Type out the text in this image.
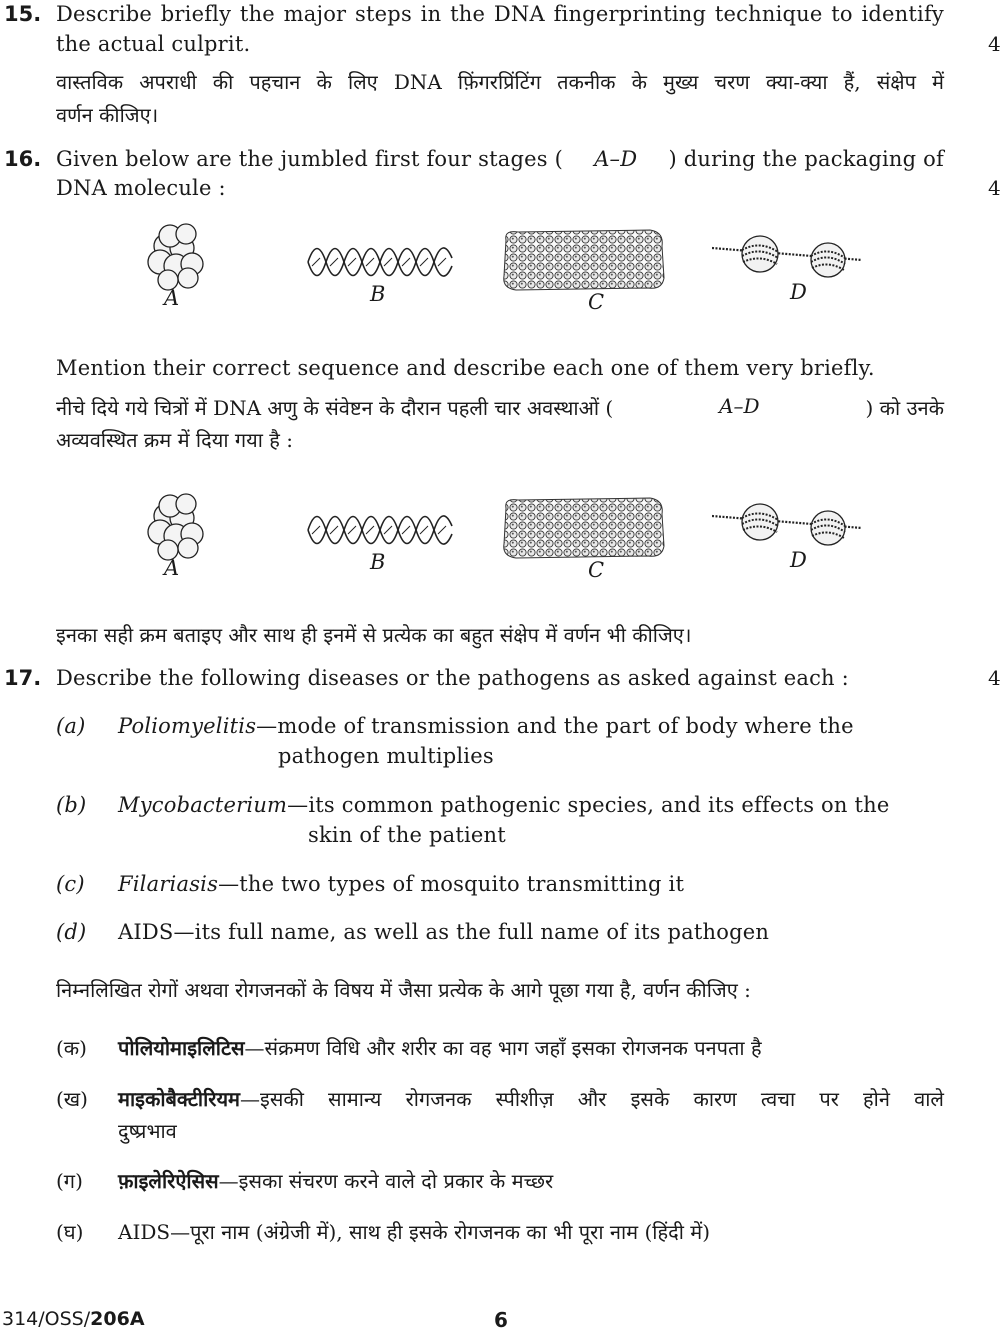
15. Describe briefly the major steps in the DNA fingerprinting technique to identify
the actual culprit.	4
वास्तविक अपराधी की पहचान के लिए DNA फ़िंगरप्रिंटिंग तकनीक के मुख्य चरण क्या-क्या हैं, संक्षेप में
वर्णन कीजिए।
16. Given below are the jumbled first four stages ( A–D ) during the packaging of
DNA molecule :	4
A	B	C	D
Mention their correct sequence and describe each one of them very briefly.
नीचे दिये गये चित्रों में DNA अणु के संवेष्टन के दौरान पहली चार अवस्थाओं (	A–D	) को उनके
अव्यवस्थित क्रम में दिया गया है :
A	B	C	D
इनका सही क्रम बताइए और साथ ही इनमें से प्रत्येक का बहुत संक्षेप में वर्णन भी कीजिए।
17. Describe the following diseases or the pathogens as asked against each :	4
(a) Poliomyelitis—mode of transmission and the part of body where the
pathogen multiplies
(b) Mycobacterium—its common pathogenic species, and its effects on the
skin of the patient
(c) Filariasis—the two types of mosquito transmitting it
(d) AIDS—its full name, as well as the full name of its pathogen
निम्नलिखित रोगों अथवा रोगजनकों के विषय में जैसा प्रत्येक के आगे पूछा गया है, वर्णन कीजिए :
(क) पोलियोमाइलिटिस—संक्रमण विधि और शरीर का वह भाग जहाँ इसका रोगजनक पनपता है
(ख) माइकोबैक्टीरियम—इसकी सामान्य रोगजनक स्पीशीज़ और इसके कारण त्वचा पर होने वाले
दुष्प्रभाव
(ग) फ़ाइलेरिऐसिस—इसका संचरण करने वाले दो प्रकार के मच्छर
(घ) AIDS—पूरा नाम (अंग्रेजी में), साथ ही इसके रोगजनक का भी पूरा नाम (हिंदी में)
314/OSS/206A	6
